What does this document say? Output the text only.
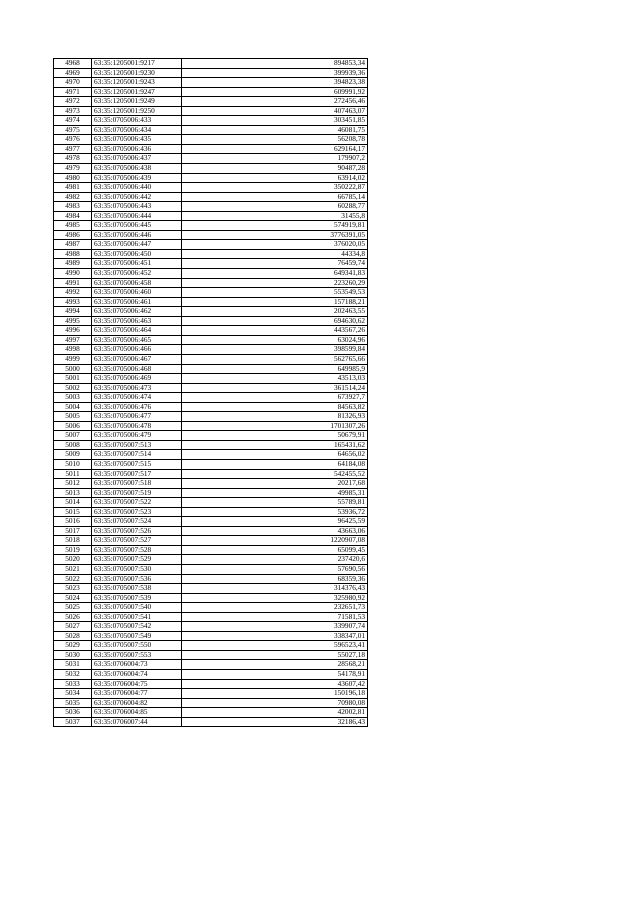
4968	63:35:1205001:9217	894853,34
4969	63:35:1205001:9230	399939,36
4970	63:35:1205001:9243	394823,38
4971	63:35:1205001:9247	609991,92
4972	63:35:1205001:9249	272456,46
4973	63:35:1205001:9250	407463,07
4974	63:35:0705006:433	303451,85
4975	63:35:0705006:434	46081,75
4976	63:35:0705006:435	56208,78
4977	63:35:0705006:436	629164,17
4978	63:35:0705006:437	179907,2
4979	63:35:0705006:438	90487,28
4980	63:35:0705006:439	63914,02
4981	63:35:0705006:440	350222,87
4982	63:35:0705006:442	66785,14
4983	63:35:0705006:443	60288,77
4984	63:35:0705006:444	31455,8
4985	63:35:0705006:445	574919,81
4986	63:35:0705006:446	3776391,05
4987	63:35:0705006:447	376020,05
4988	63:35:0705006:450	44334,8
4989	63:35:0705006:451	76459,74
4990	63:35:0705006:452	649341,83
4991	63:35:0705006:458	223260,29
4992	63:35:0705006:460	553549,53
4993	63:35:0705006:461	157188,21
4994	63:35:0705006:462	202463,55
4995	63:35:0705006:463	694630,62
4996	63:35:0705006:464	443567,26
4997	63:35:0705006:465	63024,96
4998	63:35:0705006:466	398599,84
4999	63:35:0705006:467	562765,66
5000	63:35:0705006:468	649985,9
5001	63:35:0705006:469	43513,03
5002	63:35:0705006:473	361514,24
5003	63:35:0705006:474	673927,7
5004	63:35:0705006:476	84563,82
5005	63:35:0705006:477	81326,93
5006	63:35:0705006:478	1701307,26
5007	63:35:0705006:479	50679,91
5008	63:35:0705007:513	165431,62
5009	63:35:0705007:514	64656,02
5010	63:35:0705007:515	64184,08
5011	63:35:0705007:517	542455,52
5012	63:35:0705007:518	20217,68
5013	63:35:0705007:519	49985,31
5014	63:35:0705007:522	55789,81
5015	63:35:0705007:523	53936,72
5016	63:35:0705007:524	96425,59
5017	63:35:0705007:526	43663,06
5018	63:35:0705007:527	1220907,08
5019	63:35:0705007:528	65099,45
5020	63:35:0705007:529	237420,6
5021	63:35:0705007:530	57690,56
5022	63:35:0705007:536	68359,36
5023	63:35:0705007:538	314376,43
5024	63:35:0705007:539	325980,92
5025	63:35:0705007:540	232651,73
5026	63:35:0705007:541	71581,53
5027	63:35:0705007:542	339907,74
5028	63:35:0705007:549	338347,01
5029	63:35:0705007:550	596523,41
5030	63:35:0705007:553	55027,18
5031	63:35:0706004:73	28568,21
5032	63:35:0706004:74	54178,91
5033	63:35:0706004:75	43607,42
5034	63:35:0706004:77	150196,18
5035	63:35:0706004:82	70980,08
5036	63:35:0706004:85	42002,81
5037	63:35:0706007:44	32186,43
